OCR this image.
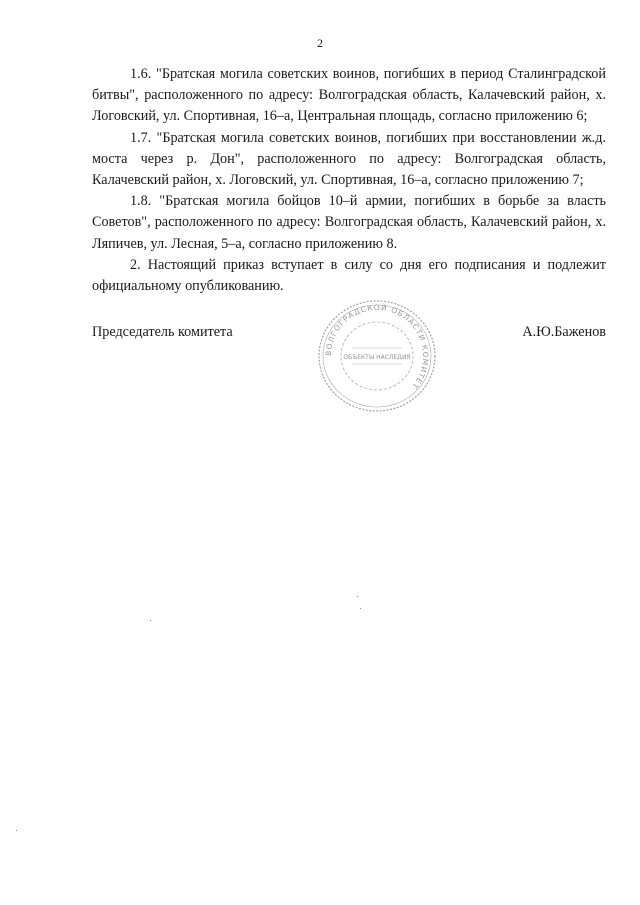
2

1.6. "Братская могила советских воинов, погибших в период Сталинградской битвы", расположенного по адресу: Волгоградская область, Калачевский район, х. Логовский, ул. Спортивная, 16–а, Центральная площадь, согласно приложению 6;

1.7. "Братская могила советских воинов, погибших при восстановлении ж.д. моста через р. Дон", расположенного по адресу: Волгоградская область, Калачевский район, х. Логовский, ул. Спортивная, 16–а, согласно приложению 7;

1.8. "Братская могила бойцов 10–й армии, погибших в борьбе за власть Советов", расположенного по адресу: Волгоградская область, Калачевский район, х. Ляпичев, ул. Лесная, 5–а, согласно приложению 8.

2. Настоящий приказ вступает в силу со дня его подписания и подлежит официальному опубликованию.

Председатель комитета	А.Ю.Баженов
ВОЛГОГРАДСКОЙ ОБЛАСТИ КОМИТЕТ
ОБЪЕКТЫ НАСЛЕДИЯ
